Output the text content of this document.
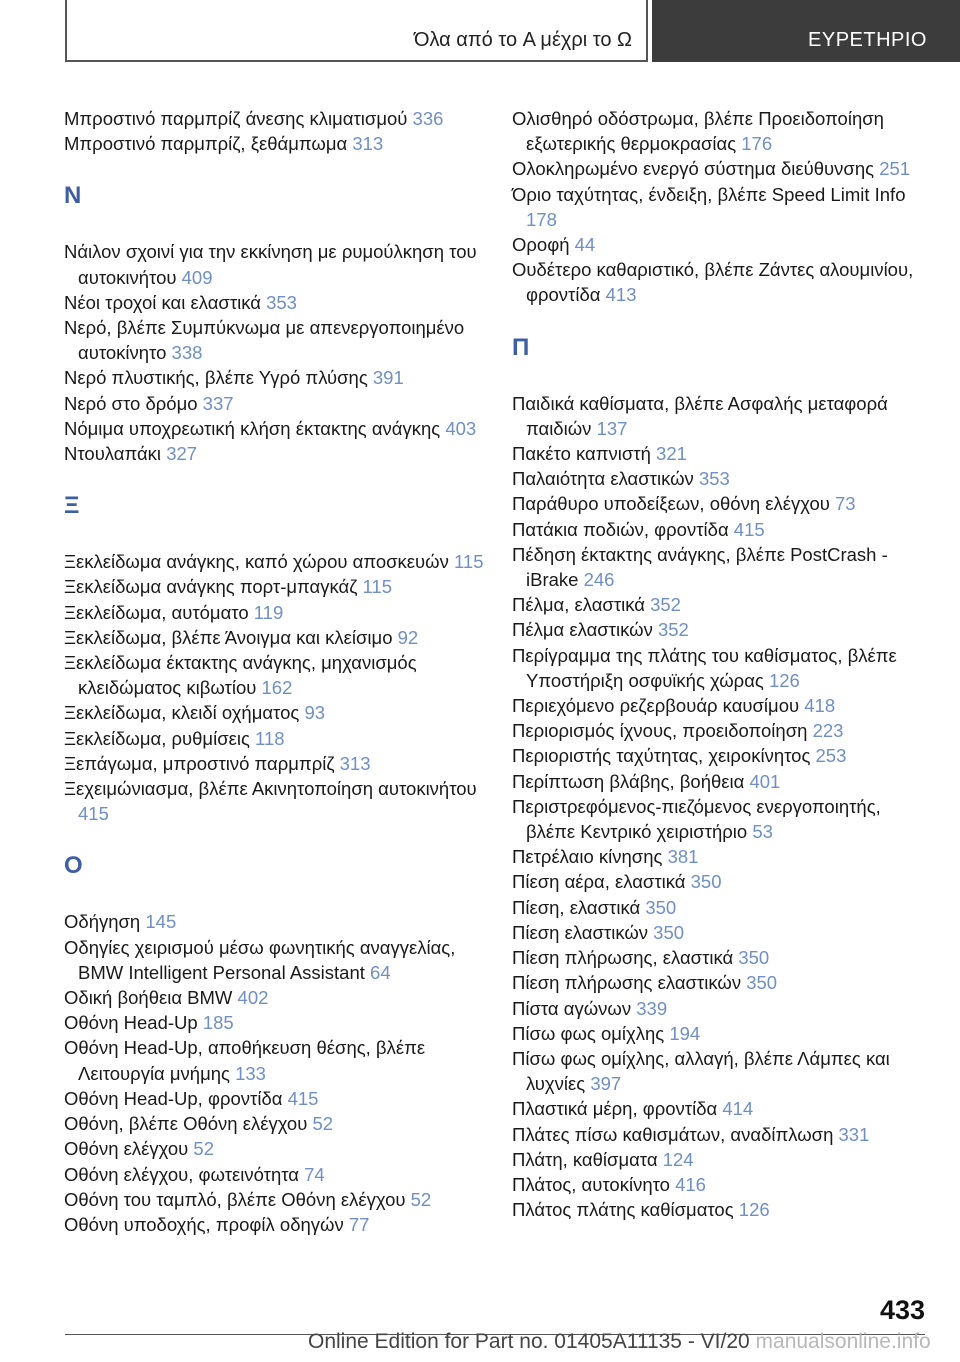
Όλα από το A μέχρι το Ω	ΕΥΡΕΤΗΡΙΟ
Μπροστινό παρμπρίζ άνεσης κλιματισμού 336
Μπροστινό παρμπρίζ, ξεθάμπωμα 313
Ν
Νάιλον σχοινί για την εκκίνηση με ρυμούλκηση του αυτοκινήτου 409
Νέοι τροχοί και ελαστικά 353
Νερό, βλέπε Συμπύκνωμα με απενεργοποιημένο αυτοκίνητο 338
Νερό πλυστικής, βλέπε Υγρό πλύσης 391
Νερό στο δρόμο 337
Νόμιμα υποχρεωτική κλήση έκτακτης ανάγκης 403
Ντουλαπάκι 327
Ξ
Ξεκλείδωμα ανάγκης, καπό χώρου αποσκευών 115
Ξεκλείδωμα ανάγκης πορτ-μπαγκάζ 115
Ξεκλείδωμα, αυτόματο 119
Ξεκλείδωμα, βλέπε Άνοιγμα και κλείσιμο 92
Ξεκλείδωμα έκτακτης ανάγκης, μηχανισμός κλειδώματος κιβωτίου 162
Ξεκλείδωμα, κλειδί οχήματος 93
Ξεκλείδωμα, ρυθμίσεις 118
Ξεπάγωμα, μπροστινό παρμπρίζ 313
Ξεχειμώνιασμα, βλέπε Ακινητοποίηση αυτοκινήτου 415
Ο
Οδήγηση 145
Οδηγίες χειρισμού μέσω φωνητικής αναγγελίας, BMW Intelligent Personal Assistant 64
Οδική βοήθεια BMW 402
Οθόνη Head-Up 185
Οθόνη Head-Up, αποθήκευση θέσης, βλέπε Λειτουργία μνήμης 133
Οθόνη Head-Up, φροντίδα 415
Οθόνη, βλέπε Οθόνη ελέγχου 52
Οθόνη ελέγχου 52
Οθόνη ελέγχου, φωτεινότητα 74
Οθόνη του ταμπλό, βλέπε Οθόνη ελέγχου 52
Οθόνη υποδοχής, προφίλ οδηγών 77
Ολισθηρό οδόστρωμα, βλέπε Προειδοποίηση εξωτερικής θερμοκρασίας 176
Ολοκληρωμένο ενεργό σύστημα διεύθυνσης 251
Όριο ταχύτητας, ένδειξη, βλέπε Speed Limit Info 178
Οροφή 44
Ουδέτερο καθαριστικό, βλέπε Ζάντες αλουμινίου, φροντίδα 413
Π
Παιδικά καθίσματα, βλέπε Ασφαλής μεταφορά παιδιών 137
Πακέτο καπνιστή 321
Παλαιότητα ελαστικών 353
Παράθυρο υποδείξεων, οθόνη ελέγχου 73
Πατάκια ποδιών, φροντίδα 415
Πέδηση έκτακτης ανάγκης, βλέπε PostCrash - iBrake 246
Πέλμα, ελαστικά 352
Πέλμα ελαστικών 352
Περίγραμμα της πλάτης του καθίσματος, βλέπε Υποστήριξη οσφυϊκής χώρας 126
Περιεχόμενο ρεζερβουάρ καυσίμου 418
Περιορισμός ίχνους, προειδοποίηση 223
Περιοριστής ταχύτητας, χειροκίνητος 253
Περίπτωση βλάβης, βοήθεια 401
Περιστρεφόμενος-πιεζόμενος ενεργοποιητής, βλέπε Κεντρικό χειριστήριο 53
Πετρέλαιο κίνησης 381
Πίεση αέρα, ελαστικά 350
Πίεση, ελαστικά 350
Πίεση ελαστικών 350
Πίεση πλήρωσης, ελαστικά 350
Πίεση πλήρωσης ελαστικών 350
Πίστα αγώνων 339
Πίσω φως ομίχλης 194
Πίσω φως ομίχλης, αλλαγή, βλέπε Λάμπες και λυχνίες 397
Πλαστικά μέρη, φροντίδα 414
Πλάτες πίσω καθισμάτων, αναδίπλωση 331
Πλάτη, καθίσματα 124
Πλάτος, αυτοκίνητο 416
Πλάτος πλάτης καθίσματος 126
433
Online Edition for Part no. 01405A11135 - VI/20 manualsonline.info
